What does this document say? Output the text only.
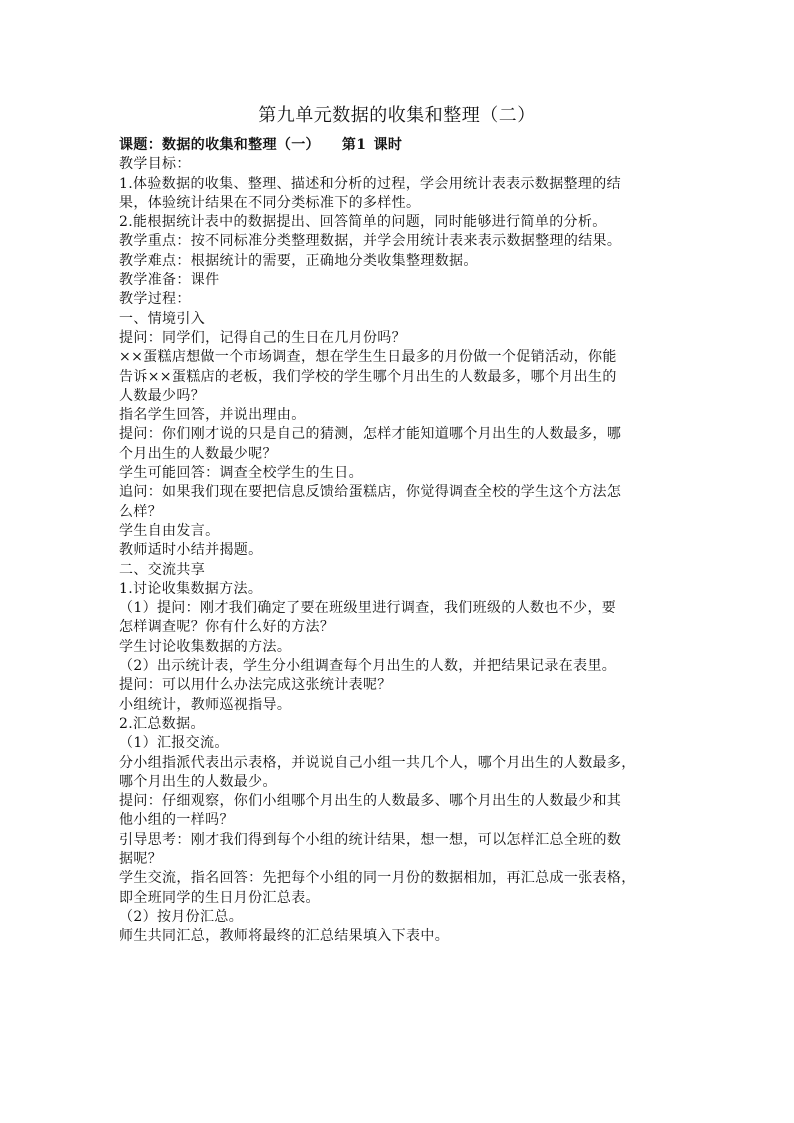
第九单元数据的收集和整理（二）
课题：数据的收集和整理（一） 第1 课时
教学目标：
1.体验数据的收集、整理、描述和分析的过程，学会用统计表表示数据整理的结
果，体验统计结果在不同分类标准下的多样性。
2.能根据统计表中的数据提出、回答简单的问题，同时能够进行简单的分析。
教学重点：按不同标准分类整理数据，并学会用统计表来表示数据整理的结果。
教学难点：根据统计的需要，正确地分类收集整理数据。
教学准备：课件
教学过程：
一、情境引入
提问：同学们，记得自己的生日在几月份吗？
××蛋糕店想做一个市场调查，想在学生生日最多的月份做一个促销活动，你能
告诉××蛋糕店的老板，我们学校的学生哪个月出生的人数最多，哪个月出生的
人数最少吗？
指名学生回答，并说出理由。
提问：你们刚才说的只是自己的猜测，怎样才能知道哪个月出生的人数最多，哪
个月出生的人数最少呢？
学生可能回答：调查全校学生的生日。
追问：如果我们现在要把信息反馈给蛋糕店，你觉得调查全校的学生这个方法怎
么样？
学生自由发言。
教师适时小结并揭题。
二、交流共享
1.讨论收集数据方法。
（1）提问：刚才我们确定了要在班级里进行调查，我们班级的人数也不少，要
怎样调查呢？你有什么好的方法？
学生讨论收集数据的方法。
（2）出示统计表，学生分小组调查每个月出生的人数，并把结果记录在表里。
提问：可以用什么办法完成这张统计表呢？
小组统计，教师巡视指导。
2.汇总数据。
（1）汇报交流。
分小组指派代表出示表格，并说说自己小组一共几个人，哪个月出生的人数最多，
哪个月出生的人数最少。
提问：仔细观察，你们小组哪个月出生的人数最多、哪个月出生的人数最少和其
他小组的一样吗？
引导思考：刚才我们得到每个小组的统计结果，想一想，可以怎样汇总全班的数
据呢？
学生交流，指名回答：先把每个小组的同一月份的数据相加，再汇总成一张表格，
即全班同学的生日月份汇总表。
（2）按月份汇总。
师生共同汇总，教师将最终的汇总结果填入下表中。
